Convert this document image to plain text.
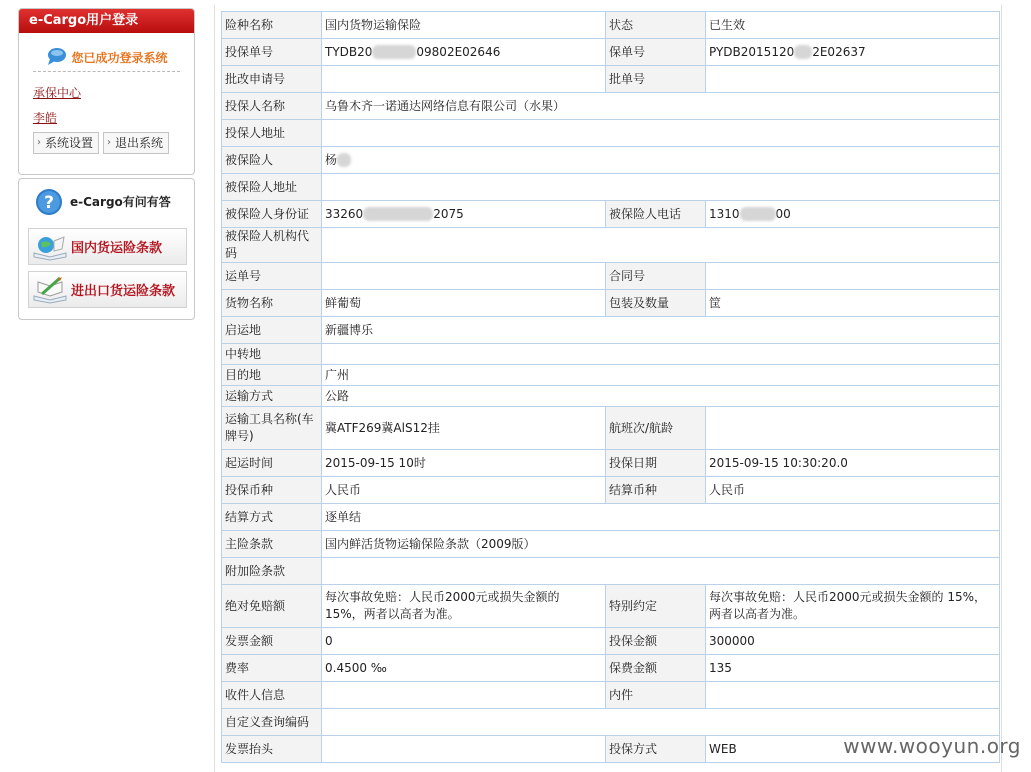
e-Cargo用户登录
您已成功登录系统
承保中心
李皓
› 系统设置 › 退出系统
? e-Cargo有问有答
国内货运险条款
进出口货运险条款
险种名称	国内货物运输保险	状态	已生效
投保单号	TYDB20 09802E02646	保单号	PYDB2015120 2E02637
批改申请号		批单号	
投保人名称	乌鲁木齐一诺通达网络信息有限公司（水果）		
投保人地址			
被保险人	杨		
被保险人地址			
被保险人身份证	33260 2075	被保险人电话	1310 00
被保险人机构代码			
运单号		合同号	
货物名称	鲜葡萄	包装及数量	筐
启运地	新疆博乐		
中转地			
目的地	广州		
运输方式	公路		
运输工具名称(车牌号)	冀ATF269冀AlS12挂	航班次/航龄	
起运时间	2015-09-15 10时	投保日期	2015-09-15 10:30:20.0
投保币种	人民币	结算币种	人民币
结算方式	逐单结		
主险条款	国内鲜活货物运输保险条款（2009版）		
附加险条款			
绝对免赔额	每次事故免赔：人民币2000元或损失金额的 15%，两者以高者为准。	特别约定	每次事故免赔：人民币2000元或损失金额的 15%，两者以高者为准。
发票金额	0	投保金额	300000
费率	0.4500 ‰	保费金额	135
收件人信息		内件	
自定义查询编码			
发票抬头		投保方式	WEB	www.wooyun.org
